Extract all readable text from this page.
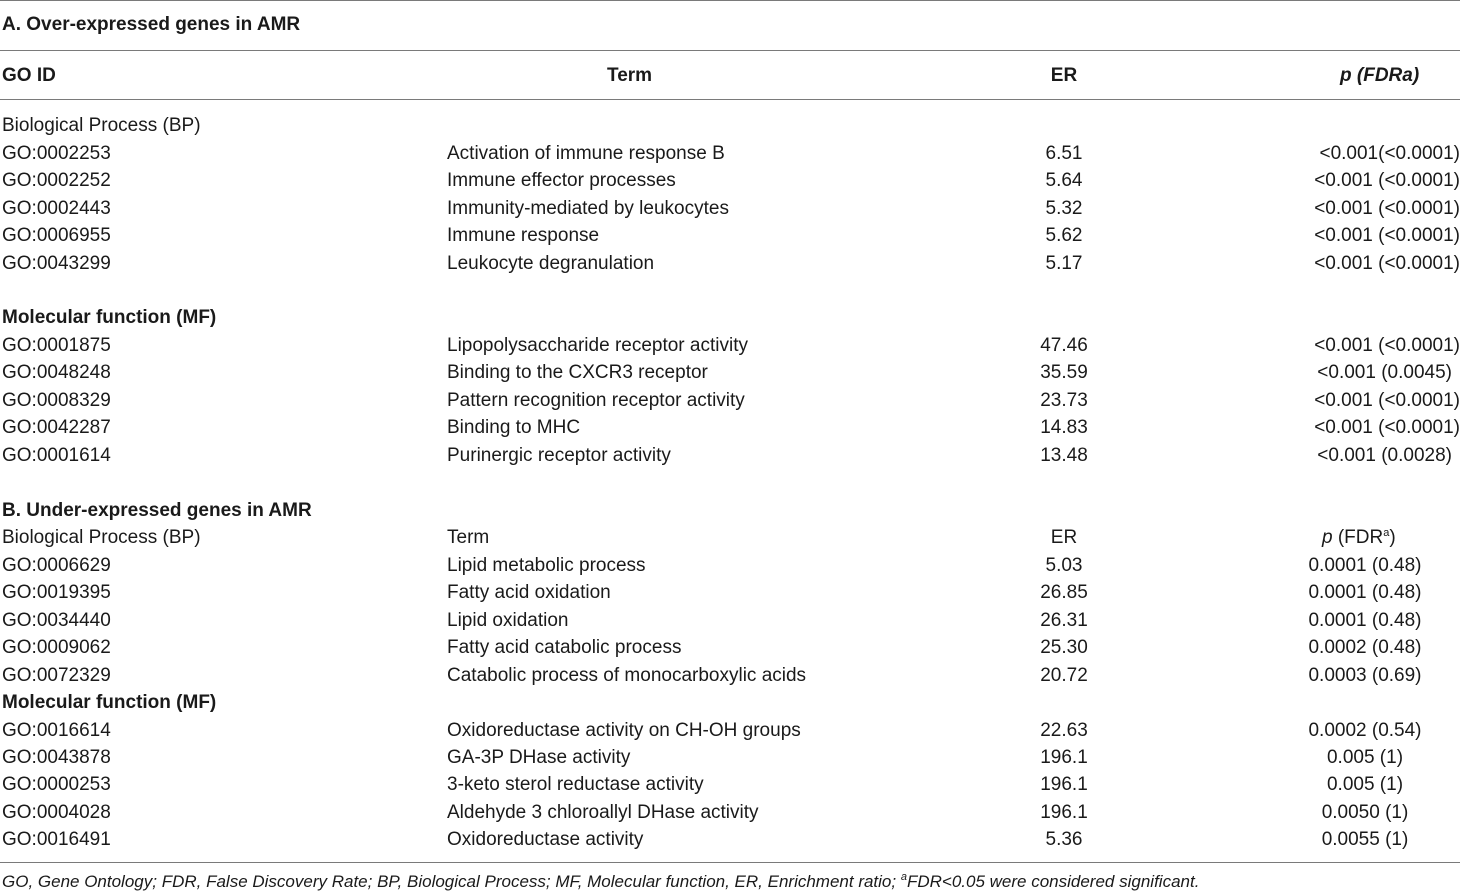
A. Over-expressed genes in AMR
GO ID	Term	ER	p (FDRa)
Biological Process (BP)
GO:0002253	Activation of immune response B	6.51	<0.001(<0.0001)
GO:0002252	Immune effector processes	5.64	<0.001 (<0.0001)
GO:0002443	Immunity-mediated by leukocytes	5.32	<0.001 (<0.0001)
GO:0006955	Immune response	5.62	<0.001 (<0.0001)
GO:0043299	Leukocyte degranulation	5.17	<0.001 (<0.0001)
Molecular function (MF)
GO:0001875	Lipopolysaccharide receptor activity	47.46	<0.001 (<0.0001)
GO:0048248	Binding to the CXCR3 receptor	35.59	<0.001 (0.0045)
GO:0008329	Pattern recognition receptor activity	23.73	<0.001 (<0.0001)
GO:0042287	Binding to MHC	14.83	<0.001 (<0.0001)
GO:0001614	Purinergic receptor activity	13.48	<0.001 (0.0028)
B. Under-expressed genes in AMR
Biological Process (BP)	Term	ER	p (FDR$^a$)
GO:0006629	Lipid metabolic process	5.03	0.0001 (0.48)
GO:0019395	Fatty acid oxidation	26.85	0.0001 (0.48)
GO:0034440	Lipid oxidation	26.31	0.0001 (0.48)
GO:0009062	Fatty acid catabolic process	25.30	0.0002 (0.48)
GO:0072329	Catabolic process of monocarboxylic acids	20.72	0.0003 (0.69)
Molecular function (MF)
GO:0016614	Oxidoreductase activity on CH-OH groups	22.63	0.0002 (0.54)
GO:0043878	GA-3P DHase activity	196.1	0.005 (1)
GO:0000253	3-keto sterol reductase activity	196.1	0.005 (1)
GO:0004028	Aldehyde 3 chloroallyl DHase activity	196.1	0.0050 (1)
GO:0016491	Oxidoreductase activity	5.36	0.0055 (1)
GO, Gene Ontology; FDR, False Discovery Rate; BP, Biological Process; MF, Molecular function, ER, Enrichment ratio; $^a$FDR<0.05 were considered significant.
